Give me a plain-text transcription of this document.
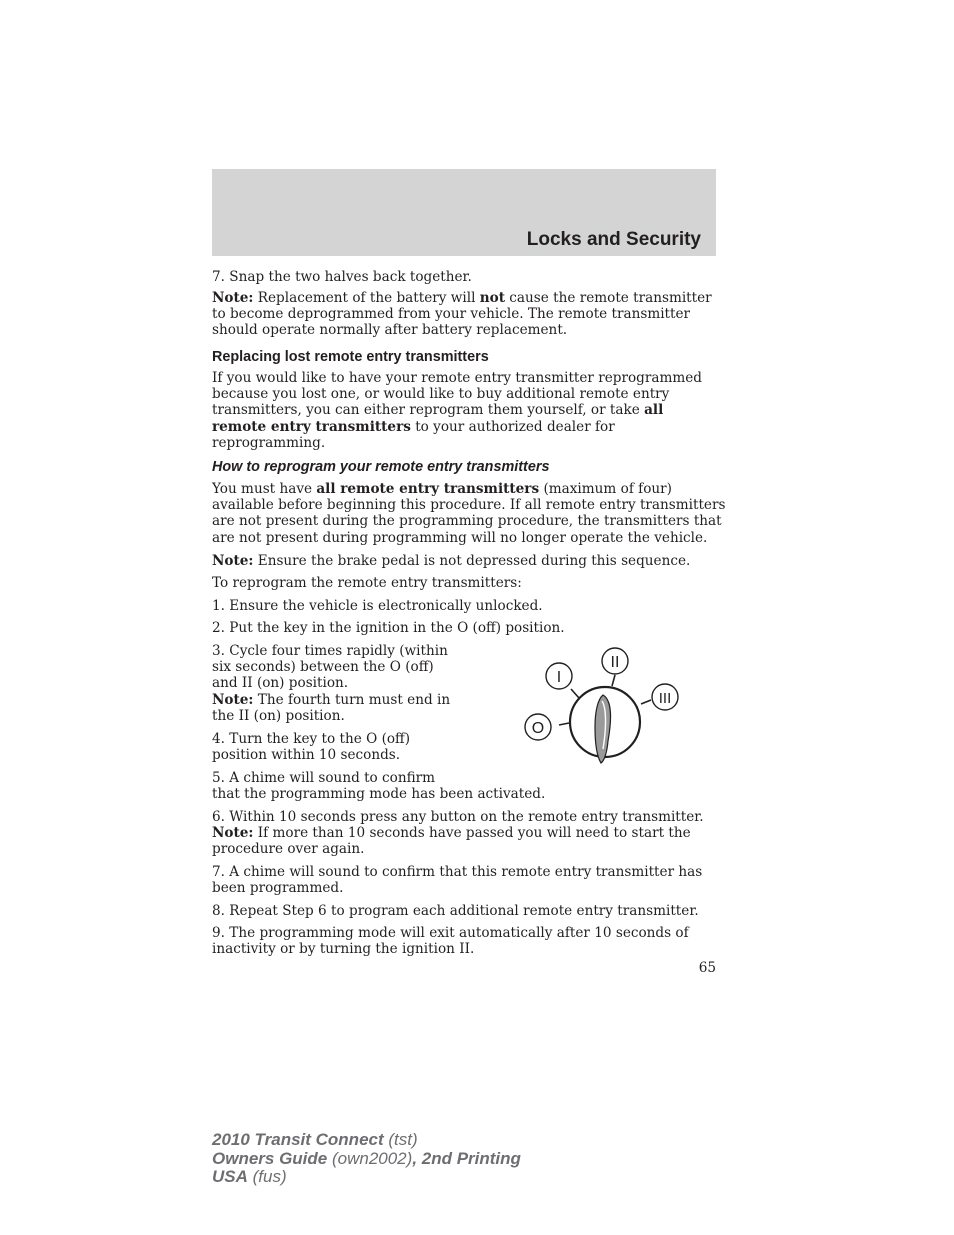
Locks and Security
7. Snap the two halves back together.
Note: Replacement of the battery will not cause the remote transmitter
to become deprogrammed from your vehicle. The remote transmitter
should operate normally after battery replacement.
Replacing lost remote entry transmitters
If you would like to have your remote entry transmitter reprogrammed
because you lost one, or would like to buy additional remote entry
transmitters, you can either reprogram them yourself, or take all
remote entry transmitters to your authorized dealer for
reprogramming.
How to reprogram your remote entry transmitters
You must have all remote entry transmitters (maximum of four)
available before beginning this procedure. If all remote entry transmitters
are not present during the programming procedure, the transmitters that
are not present during programming will no longer operate the vehicle.
Note: Ensure the brake pedal is not depressed during this sequence.
To reprogram the remote entry transmitters:
1. Ensure the vehicle is electronically unlocked.
2. Put the key in the ignition in the O (off) position.
3. Cycle four times rapidly (within
six seconds) between the O (off)
and II (on) position.
Note: The fourth turn must end in
the II (on) position.
4. Turn the key to the O (off)
position within 10 seconds.
5. A chime will sound to confirm
that the programming mode has been activated.
6. Within 10 seconds press any button on the remote entry transmitter.
Note: If more than 10 seconds have passed you will need to start the
procedure over again.
7. A chime will sound to confirm that this remote entry transmitter has
been programmed.
8. Repeat Step 6 to program each additional remote entry transmitter.
9. The programming mode will exit automatically after 10 seconds of
inactivity or by turning the ignition II.
O
I
II
III
65
2010 Transit Connect (tst)
Owners Guide (own2002), 2nd Printing
USA (fus)
